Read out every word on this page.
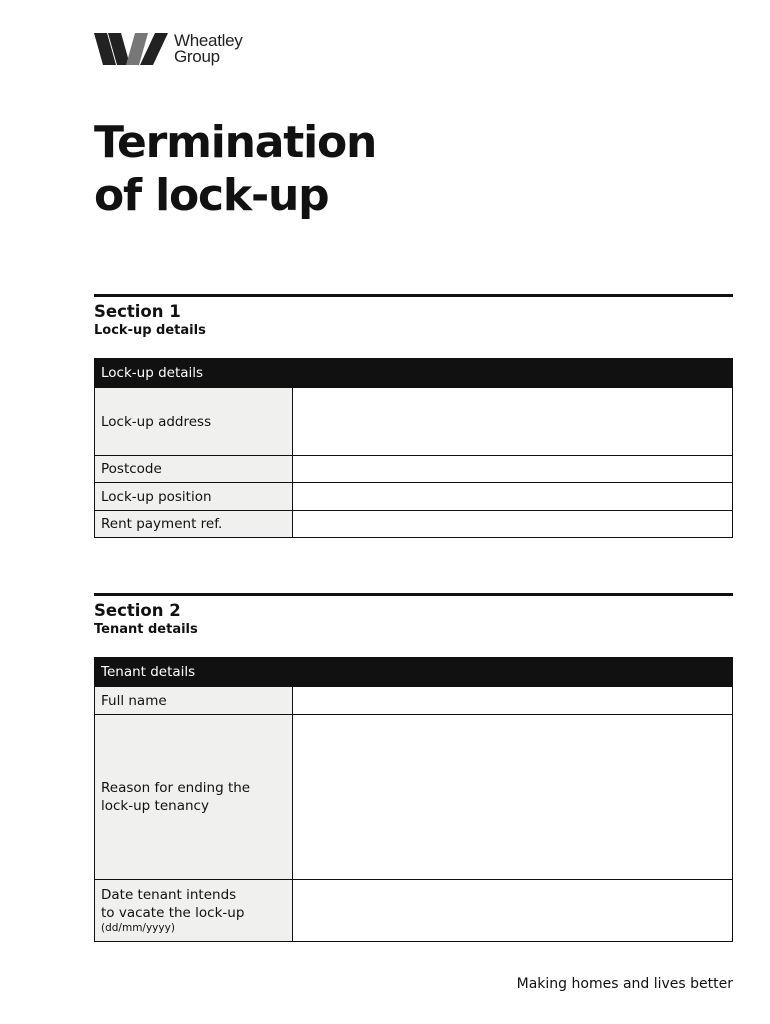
Wheatley
Group
Termination
of lock-up
Section 1
Lock-up details
Lock-up details
Lock-up address
Postcode
Lock-up position
Rent payment ref.
Section 2
Tenant details
Tenant details
Full name
Reason for ending the
lock-up tenancy
Date tenant intends
to vacate the lock-up
(dd/mm/yyyy)
Making homes and lives better
